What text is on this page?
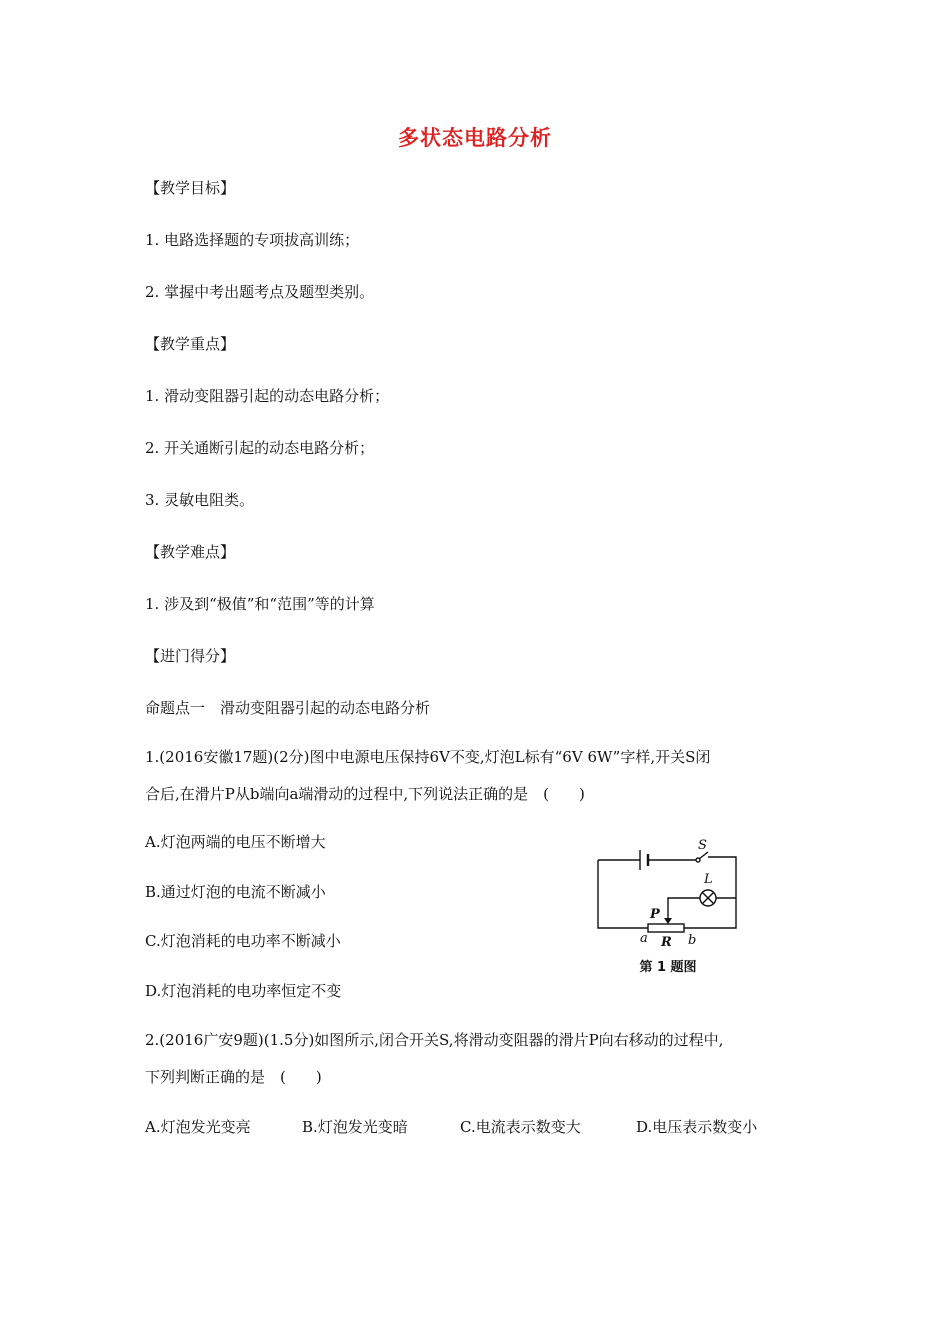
多状态电路分析
【教学目标】
1. 电路选择题的专项拔高训练；
2. 掌握中考出题考点及题型类别。
【教学重点】
1. 滑动变阻器引起的动态电路分析；
2. 开关通断引起的动态电路分析；
3. 灵敏电阻类。
【教学难点】
1. 涉及到“极值”和“范围”等的计算
【进门得分】
命题点一　滑动变阻器引起的动态电路分析
1.(2016安徽17题)(2分)图中电源电压保持6V不变,灯泡L标有“6V 6W”字样,开关S闭
合后,在滑片P从b端向a端滑动的过程中,下列说法正确的是　(　　)
A.灯泡两端的电压不断增大
B.通过灯泡的电流不断减小
C.灯泡消耗的电功率不断减小
D.灯泡消耗的电功率恒定不变
S
L
P
R
a	b
第 1 题图
2.(2016广安9题)(1.5分)如图所示,闭合开关S,将滑动变阻器的滑片P向右移动的过程中,
下列判断正确的是　(　　)
A.灯泡发光变亮	B.灯泡发光变暗	C.电流表示数变大	D.电压表示数变小
